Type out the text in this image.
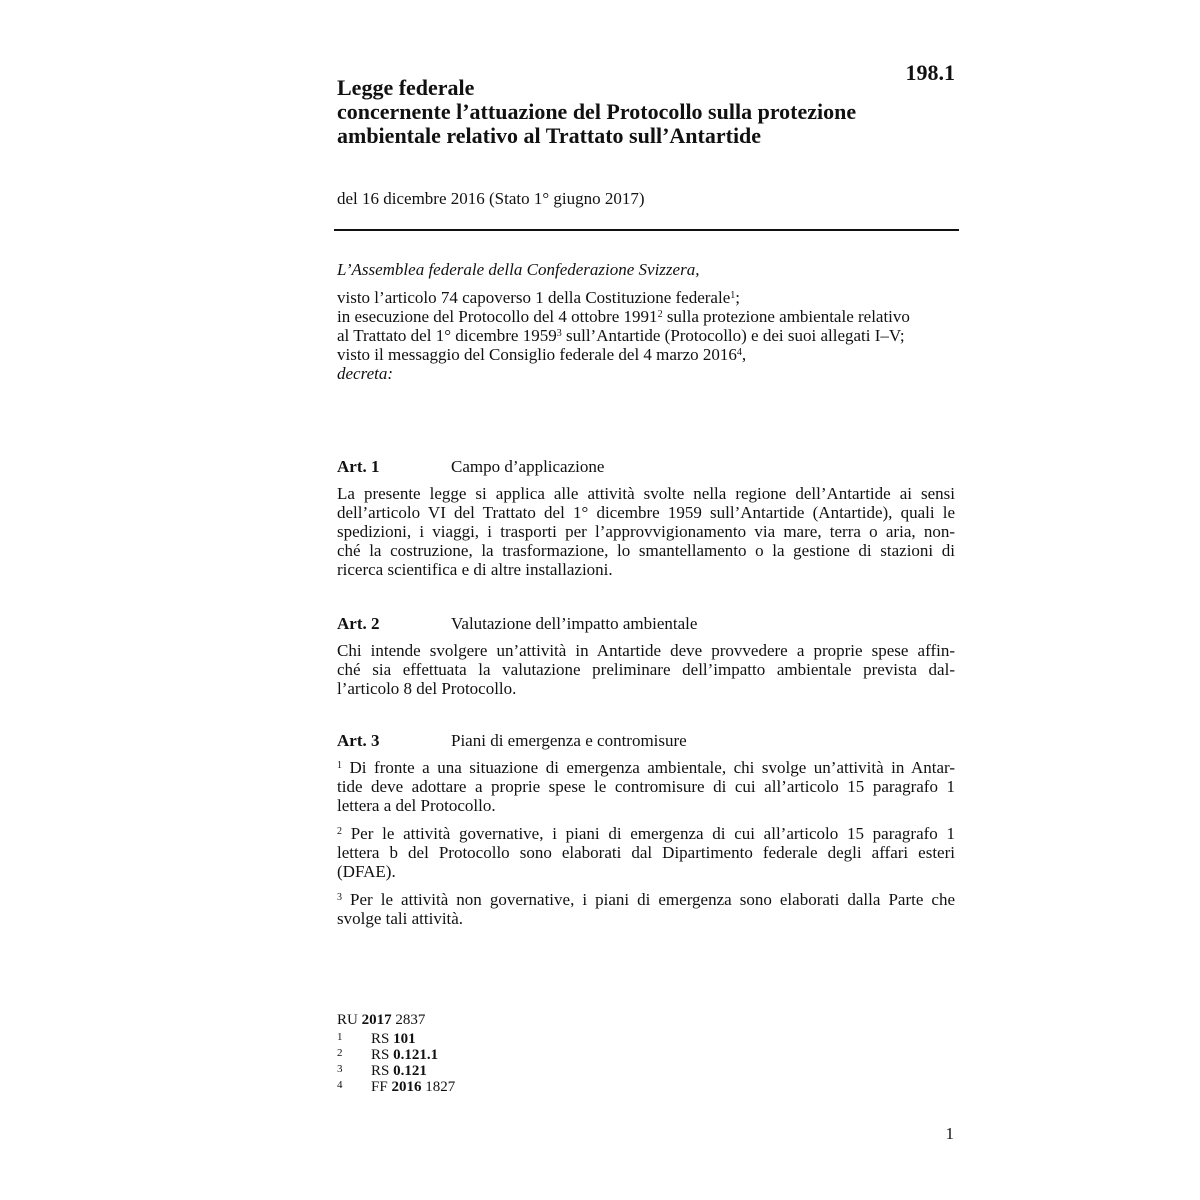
198.1
Legge federale
concernente l’attuazione del Protocollo sulla protezione
ambientale relativo al Trattato sull’Antartide
del 16 dicembre 2016 (Stato 1° giugno 2017)
L’Assemblea federale della Confederazione Svizzera,
visto l’articolo 74 capoverso 1 della Costituzione federale$^1$;
in esecuzione del Protocollo del 4 ottobre 1991$^2$ sulla protezione ambientale relativo
al Trattato del 1° dicembre 1959$^3$ sull’Antartide (Protocollo) e dei suoi allegati I–V;
visto il messaggio del Consiglio federale del 4 marzo 2016$^4$,
decreta:
Art. 1	Campo d’applicazione
La presente legge si applica alle attività svolte nella regione dell’Antartide ai sensi
dell’articolo VI del Trattato del 1° dicembre 1959 sull’Antartide (Antartide), quali le
spedizioni, i viaggi, i trasporti per l’approvvigionamento via mare, terra o aria, non-
ché la costruzione, la trasformazione, lo smantellamento o la gestione di stazioni di
ricerca scientifica e di altre installazioni.
Art. 2	Valutazione dell’impatto ambientale
Chi intende svolgere un’attività in Antartide deve provvedere a proprie spese affin-
ché sia effettuata la valutazione preliminare dell’impatto ambientale prevista dal-
l’articolo 8 del Protocollo.
Art. 3	Piani di emergenza e contromisure
$^1$ Di fronte a una situazione di emergenza ambientale, chi svolge un’attività in Antar-
tide deve adottare a proprie spese le contromisure di cui all’articolo 15 paragrafo 1
lettera a del Protocollo.
$^2$ Per le attività governative, i piani di emergenza di cui all’articolo 15 paragrafo 1
lettera b del Protocollo sono elaborati dal Dipartimento federale degli affari esteri
(DFAE).
$^3$ Per le attività non governative, i piani di emergenza sono elaborati dalla Parte che
svolge tali attività.
RU 2017 2837
1 RS 101
2 RS 0.121.1
3 RS 0.121
4 FF 2016 1827
1
